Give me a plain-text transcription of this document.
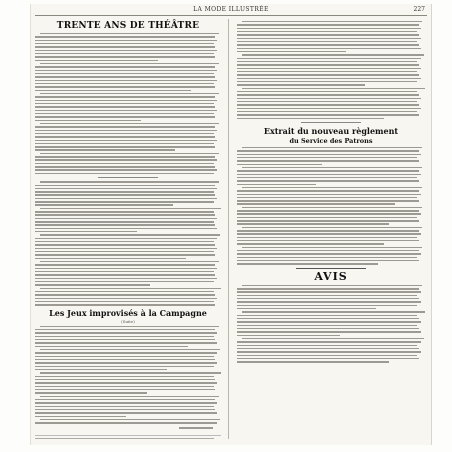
LA MODE ILLUSTRÉE	227
TRENTE ANS DE THÉÂTRE
Les Jeux improvisés à la Campagne
(Suite)
Extrait du nouveau règlement
du Service des Patrons
AVIS
